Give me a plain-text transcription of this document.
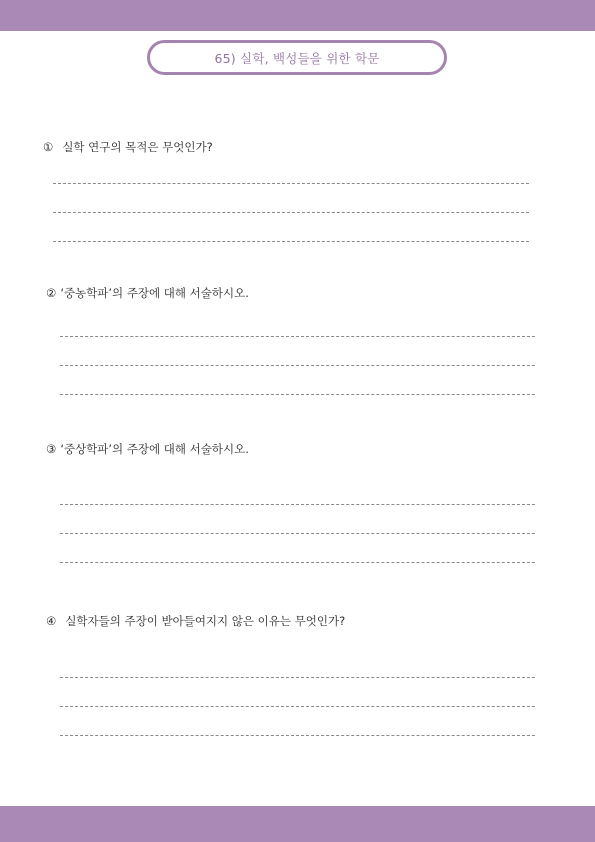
65) 실학, 백성들을 위한 학문
① 실학 연구의 목적은 무엇인가?
② ‘중농학파’의 주장에 대해 서술하시오.
③ ‘중상학파’의 주장에 대해 서술하시오.
④ 실학자들의 주장이 받아들여지지 않은 이유는 무엇인가?
